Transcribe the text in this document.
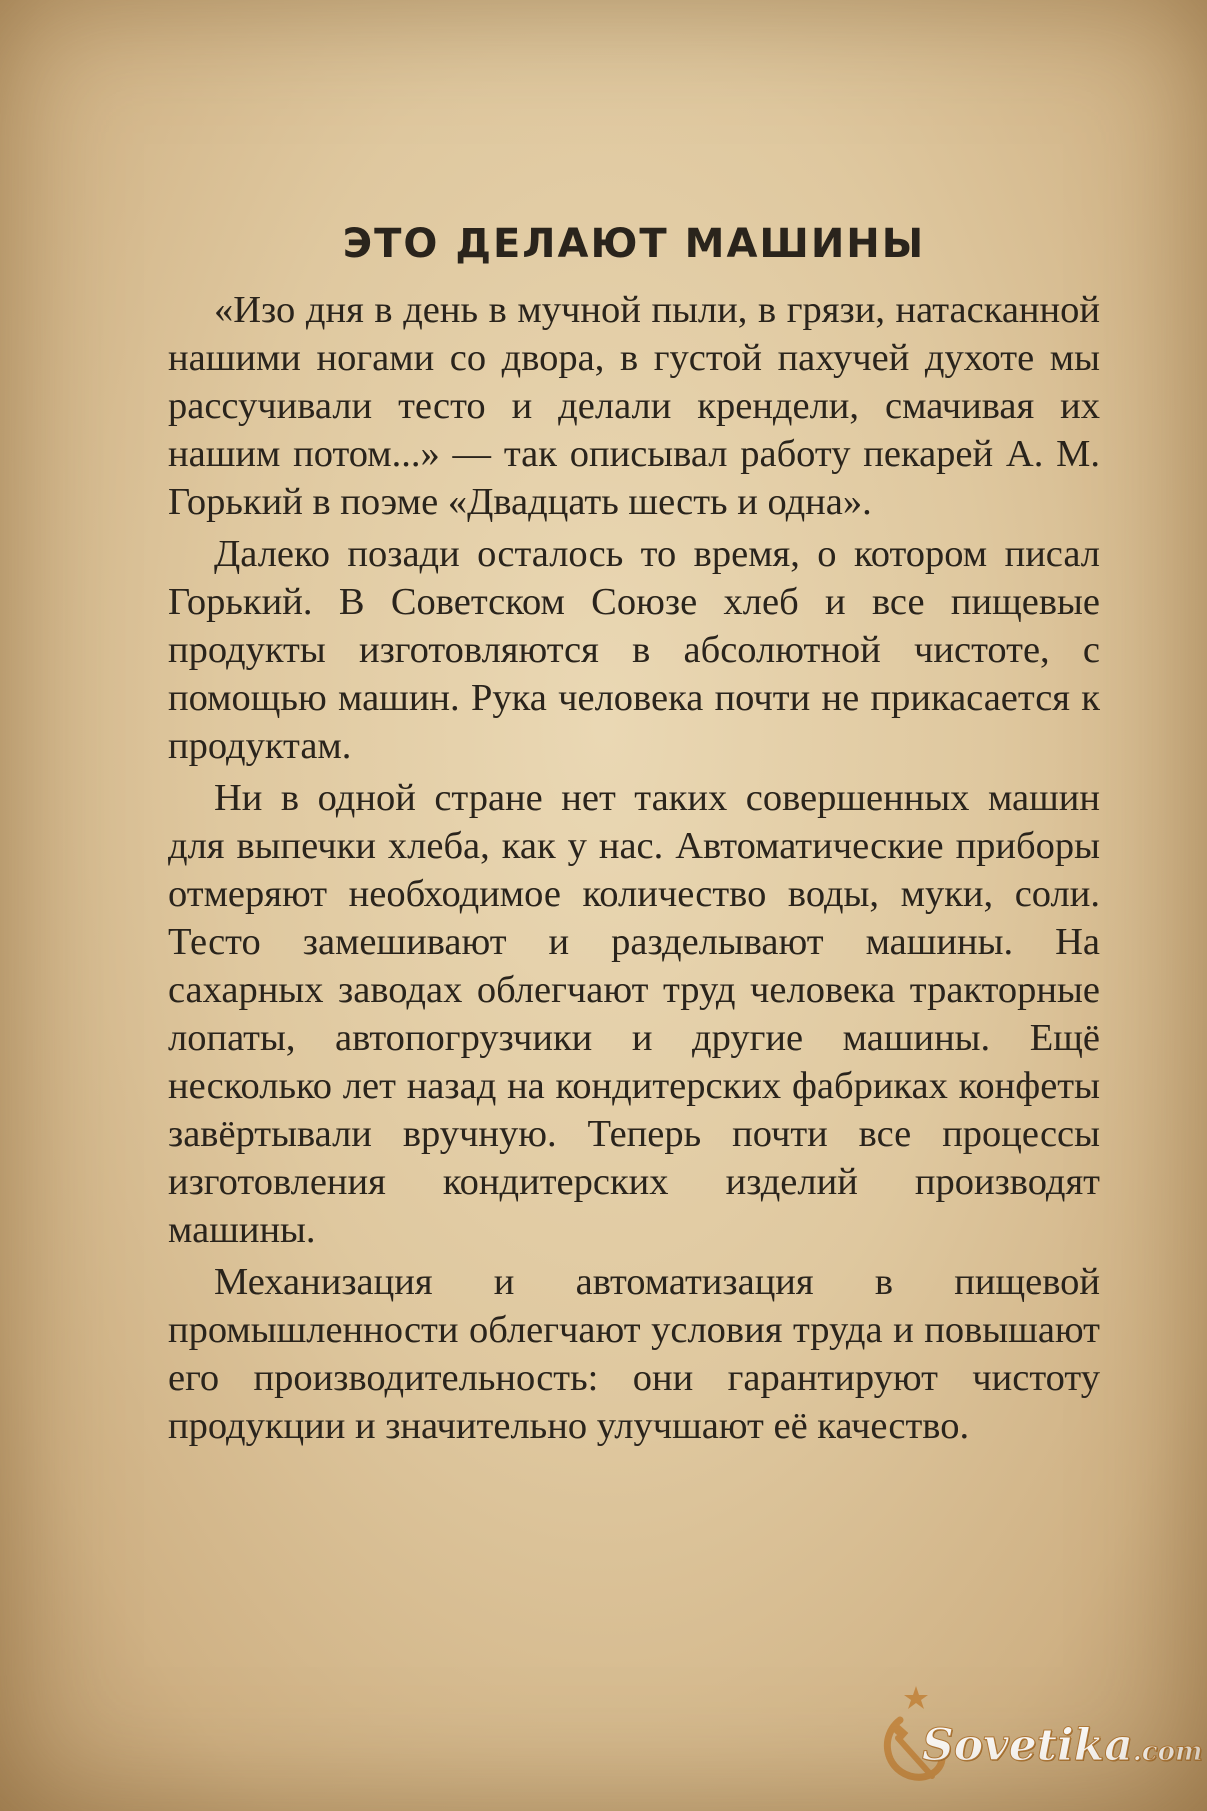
ЭТО ДЕЛАЮТ МАШИНЫ

«Изо дня в день в мучной пыли, в грязи, натасканной нашими ногами со двора, в густой пахучей духоте мы рассучивали тесто и делали крендели, смачивая их нашим потом...» — так описывал работу пекарей А. М. Горький в поэме «Двадцать шесть и одна».

Далеко позади осталось то время, о котором писал Горький. В Советском Союзе хлеб и все пищевые продукты изготовляются в абсолютной чистоте, с помощью машин. Рука человека почти не прикасается к продуктам.

Ни в одной стране нет таких совершенных машин для выпечки хлеба, как у нас. Автоматические приборы отмеряют необходимое количество воды, муки, соли. Тесто замешивают и разделывают машины. На сахарных заводах облегчают труд человека тракторные лопаты, автопогрузчики и другие машины. Ещё несколько лет назад на кондитерских фабриках конфеты завёртывали вручную. Теперь почти все процессы изготовления кондитерских изделий производят машины.

Механизация и автоматизация в пищевой промышленности облегчают условия труда и повышают его производительность: они гарантируют чистоту продукции и значительно улучшают её качество.

Sovetika.com
